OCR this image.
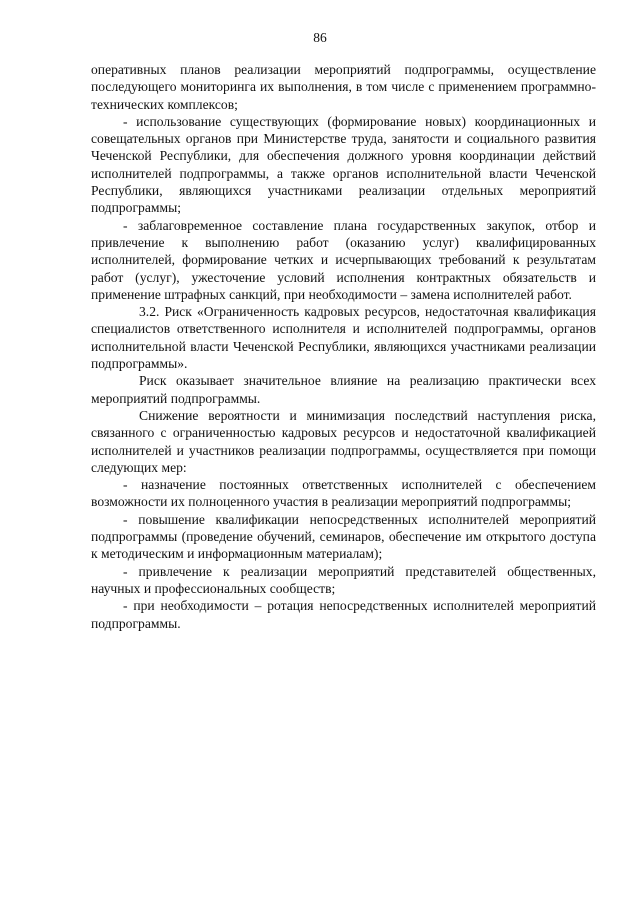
86

оперативных планов реализации мероприятий подпрограммы, осуществление последующего мониторинга их выполнения, в том числе с применением программно-технических комплексов;

- использование существующих (формирование новых) координационных и совещательных органов при Министерстве труда, занятости и социального развития Чеченской Республики, для обеспечения должного уровня координации действий исполнителей подпрограммы, а также органов исполнительной власти Чеченской Республики, являющихся участниками реализации отдельных мероприятий подпрограммы;

- заблаговременное составление плана государственных закупок, отбор и привлечение к выполнению работ (оказанию услуг) квалифицированных исполнителей, формирование четких и исчерпывающих требований к результатам работ (услуг), ужесточение условий исполнения контрактных обязательств и применение штрафных санкций, при необходимости – замена исполнителей работ.

3.2. Риск «Ограниченность кадровых ресурсов, недостаточная квалификация специалистов ответственного исполнителя и исполнителей подпрограммы, органов исполнительной власти Чеченской Республики, являющихся участниками реализации подпрограммы».

Риск оказывает значительное влияние на реализацию практически всех мероприятий подпрограммы.

Снижение вероятности и минимизация последствий наступления риска, связанного с ограниченностью кадровых ресурсов и недостаточной квалификацией исполнителей и участников реализации подпрограммы, осуществляется при помощи следующих мер:

- назначение постоянных ответственных исполнителей с обеспечением возможности их полноценного участия в реализации мероприятий подпрограммы;

- повышение квалификации непосредственных исполнителей мероприятий подпрограммы (проведение обучений, семинаров, обеспечение им открытого доступа к методическим и информационным материалам);

- привлечение к реализации мероприятий представителей общественных, научных и профессиональных сообществ;

- при необходимости – ротация непосредственных исполнителей мероприятий подпрограммы.
